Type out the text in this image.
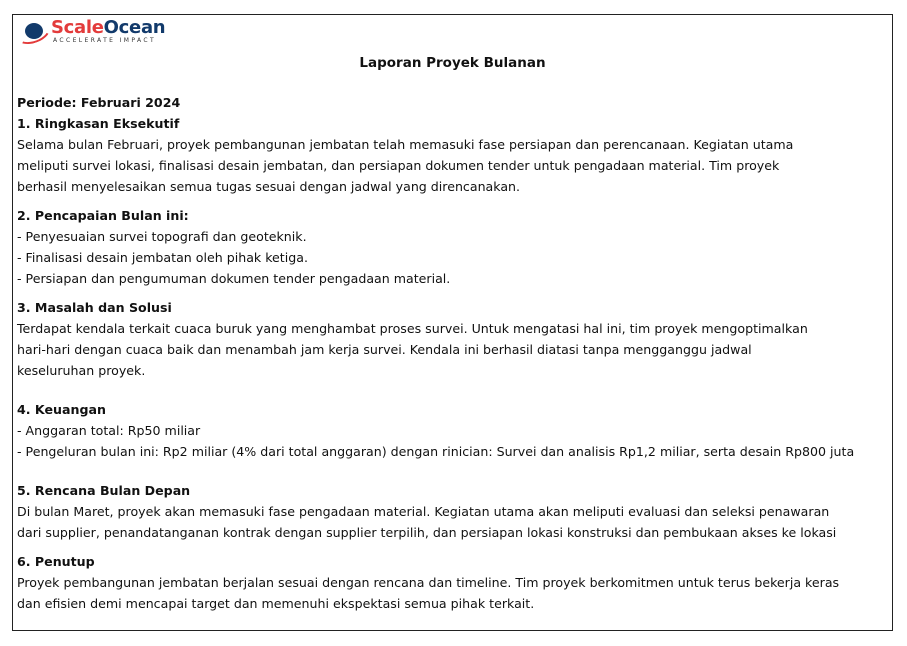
ScaleOcean
ACCELERATE IMPACT
Laporan Proyek Bulanan
Periode: Februari 2024
1. Ringkasan Eksekutif
Selama bulan Februari, proyek pembangunan jembatan telah memasuki fase persiapan dan perencanaan. Kegiatan utama
meliputi survei lokasi, finalisasi desain jembatan, dan persiapan dokumen tender untuk pengadaan material. Tim proyek
berhasil menyelesaikan semua tugas sesuai dengan jadwal yang direncanakan.
2. Pencapaian Bulan ini:
- Penyesuaian survei topografi dan geoteknik.
- Finalisasi desain jembatan oleh pihak ketiga.
- Persiapan dan pengumuman dokumen tender pengadaan material.
3. Masalah dan Solusi
Terdapat kendala terkait cuaca buruk yang menghambat proses survei. Untuk mengatasi hal ini, tim proyek mengoptimalkan
hari-hari dengan cuaca baik dan menambah jam kerja survei. Kendala ini berhasil diatasi tanpa mengganggu jadwal
keseluruhan proyek.
4. Keuangan
- Anggaran total: Rp50 miliar
- Pengeluran bulan ini: Rp2 miliar (4% dari total anggaran) dengan rinician: Survei dan analisis Rp1,2 miliar, serta desain Rp800 juta
5. Rencana Bulan Depan
Di bulan Maret, proyek akan memasuki fase pengadaan material. Kegiatan utama akan meliputi evaluasi dan seleksi penawaran
dari supplier, penandatanganan kontrak dengan supplier terpilih, dan persiapan lokasi konstruksi dan pembukaan akses ke lokasi
6. Penutup
Proyek pembangunan jembatan berjalan sesuai dengan rencana dan timeline. Tim proyek berkomitmen untuk terus bekerja keras
dan efisien demi mencapai target dan memenuhi ekspektasi semua pihak terkait.
